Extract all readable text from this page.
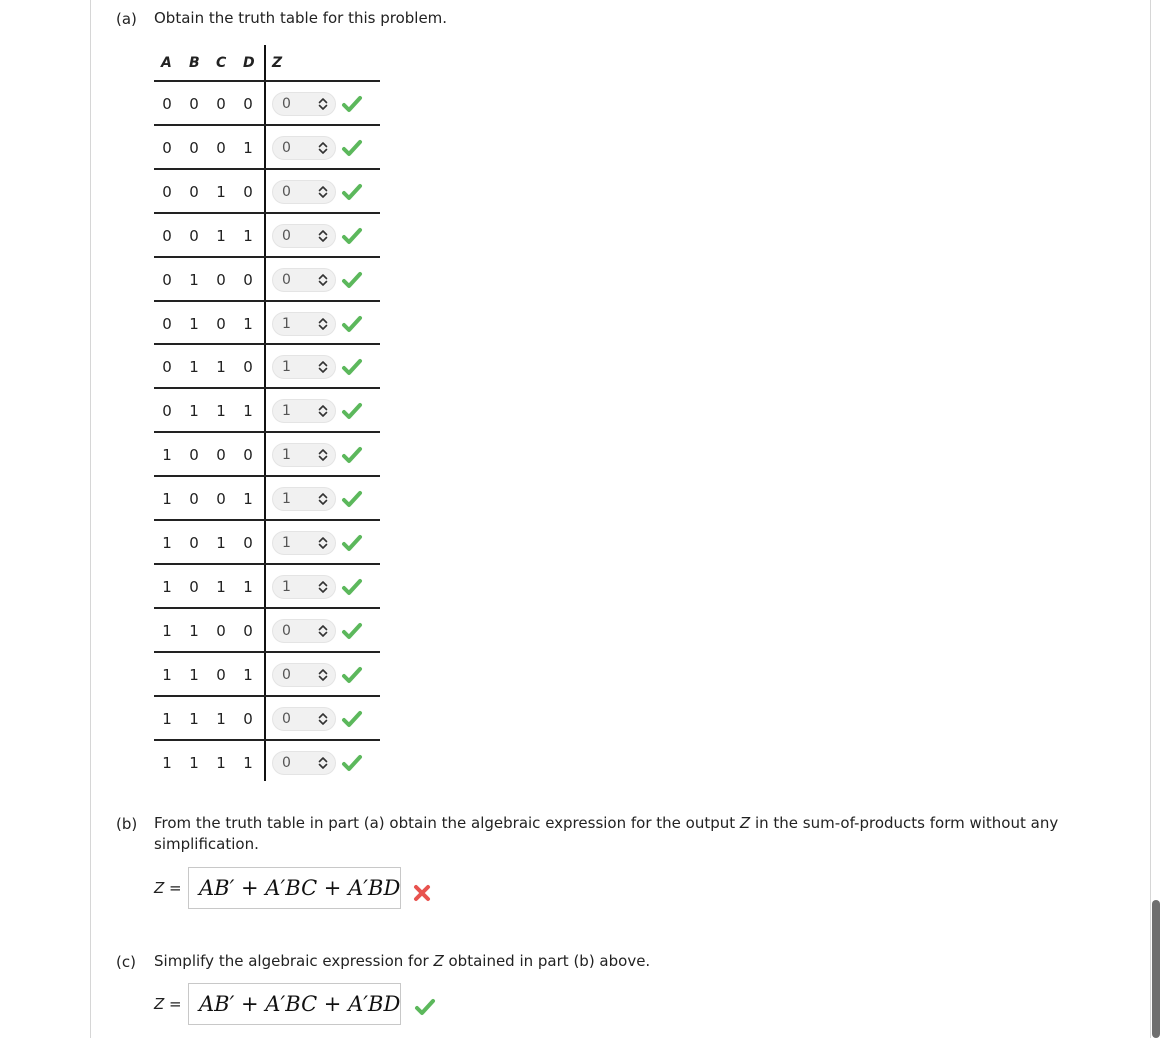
(a) Obtain the truth table for this problem.
A B C D Z
0 0 0 0 0
0 0 0 1 0
0 0 1 0 0
0 0 1 1 0
0 1 0 0 0
0 1 0 1 1
0 1 1 0 1
0 1 1 1 1
1 0 0 0 1
1 0 0 1 1
1 0 1 0 1
1 0 1 1 1
1 1 0 0 0
1 1 0 1 0
1 1 1 0 0
1 1 1 1 0
(b) From the truth table in part (a) obtain the algebraic expression for the output Z in the sum-of-products form without any
simplification.
Z = AB′ + A′BC + A′BD
(c) Simplify the algebraic expression for Z obtained in part (b) above.
Z = AB′ + A′BC + A′BD
